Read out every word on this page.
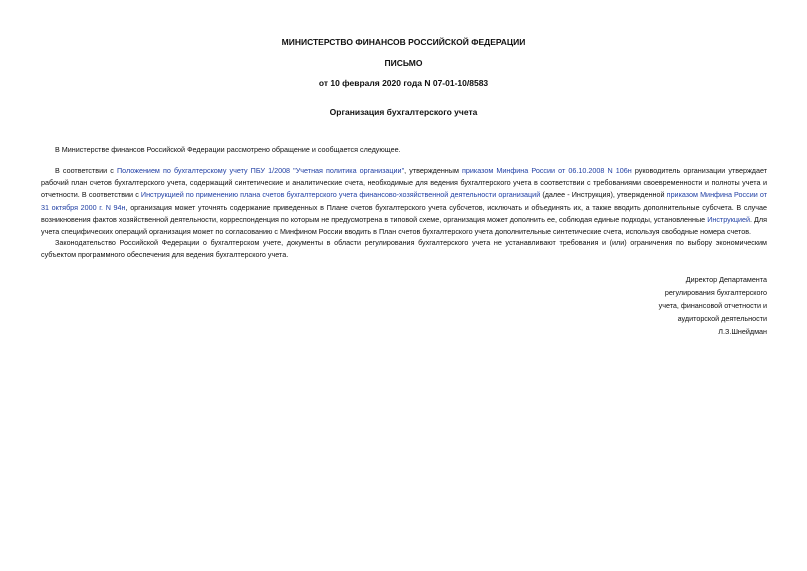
МИНИСТЕРСТВО ФИНАНСОВ РОССИЙСКОЙ ФЕДЕРАЦИИ
ПИСЬМО
от 10 февраля 2020 года N 07-01-10/8583
Организация бухгалтерского учета

В Министерстве финансов Российской Федерации рассмотрено обращение и сообщается следующее.

В соответствии с Положением по бухгалтерскому учету ПБУ 1/2008 "Учетная политика организации", утвержденным приказом Минфина России от 06.10.2008 N 106н руководитель организации утверждает рабочий план счетов бухгалтерского учета, содержащий синтетические и аналитические счета, необходимые для ведения бухгалтерского учета в соответствии с требованиями своевременности и полноты учета и отчетности. В соответствии с Инструкцией по применению плана счетов бухгалтерского учета финансово-хозяйственной деятельности организаций (далее - Инструкция), утвержденной приказом Минфина России от 31 октября 2000 г. N 94н, организация может уточнять содержание приведенных в Плане счетов бухгалтерского учета субсчетов, исключать и объединять их, а также вводить дополнительные субсчета. В случае возникновения фактов хозяйственной деятельности, корреспонденция по которым не предусмотрена в типовой схеме, организация может дополнить ее, соблюдая единые подходы, установленные Инструкцией. Для учета специфических операций организация может по согласованию с Минфином России вводить в План счетов бухгалтерского учета дополнительные синтетические счета, используя свободные номера счетов.

Законодательство Российской Федерации о бухгалтерском учете, документы в области регулирования бухгалтерского учета не устанавливают требования и (или) ограничения по выбору экономическим субъектом программного обеспечения для ведения бухгалтерского учета.

Директор Департамента
регулирования бухгалтерского
учета, финансовой отчетности и
аудиторской деятельности
Л.З.Шнейдман
